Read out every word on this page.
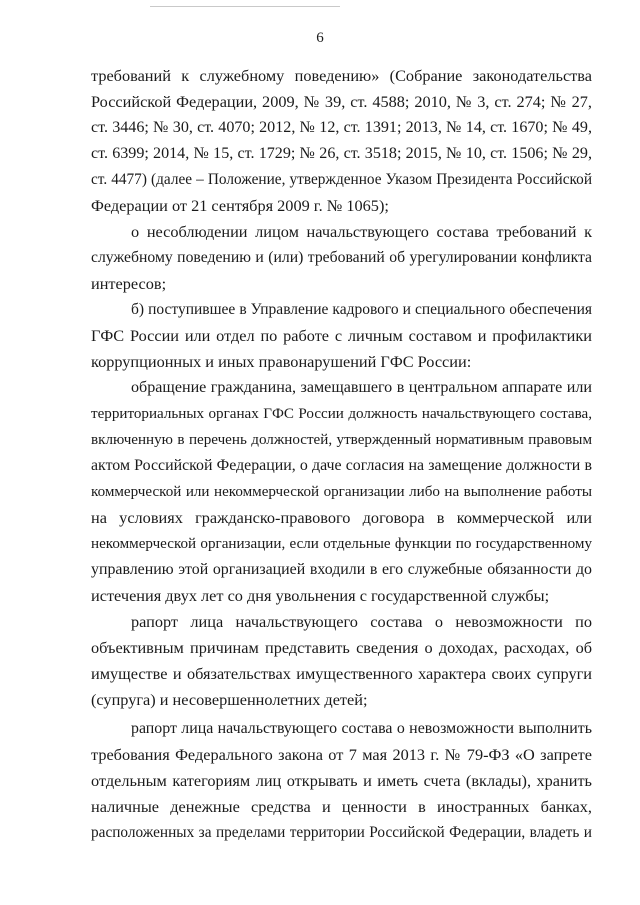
6
требований к служебному поведению» (Собрание законодательства
Российской Федерации, 2009, № 39, ст. 4588; 2010, № 3, ст. 274; № 27,
ст. 3446; № 30, ст. 4070; 2012, № 12, ст. 1391; 2013, № 14, ст. 1670; № 49,
ст. 6399; 2014, № 15, ст. 1729; № 26, ст. 3518; 2015, № 10, ст. 1506; № 29,
ст. 4477) (далее – Положение, утвержденное Указом Президента Российской
Федерации от 21 сентября 2009 г. № 1065);
о несоблюдении лицом начальствующего состава требований к
служебному поведению и (или) требований об урегулировании конфликта
интересов;
б) поступившее в Управление кадрового и специального обеспечения
ГФС России или отдел по работе с личным составом и профилактики
коррупционных и иных правонарушений ГФС России:
обращение гражданина, замещавшего в центральном аппарате или
территориальных органах ГФС России должность начальствующего состава,
включенную в перечень должностей, утвержденный нормативным правовым
актом Российской Федерации, о даче согласия на замещение должности в
коммерческой или некоммерческой организации либо на выполнение работы
на условиях гражданско-правового договора в коммерческой или
некоммерческой организации, если отдельные функции по государственному
управлению этой организацией входили в его служебные обязанности до
истечения двух лет со дня увольнения с государственной службы;
рапорт лица начальствующего состава о невозможности по
объективным причинам представить сведения о доходах, расходах, об
имуществе и обязательствах имущественного характера своих супруги
(супруга) и несовершеннолетних детей;
рапорт лица начальствующего состава о невозможности выполнить
требования Федерального закона от 7 мая 2013 г. № 79-ФЗ «О запрете
отдельным категориям лиц открывать и иметь счета (вклады), хранить
наличные денежные средства и ценности в иностранных банках,
расположенных за пределами территории Российской Федерации, владеть и
